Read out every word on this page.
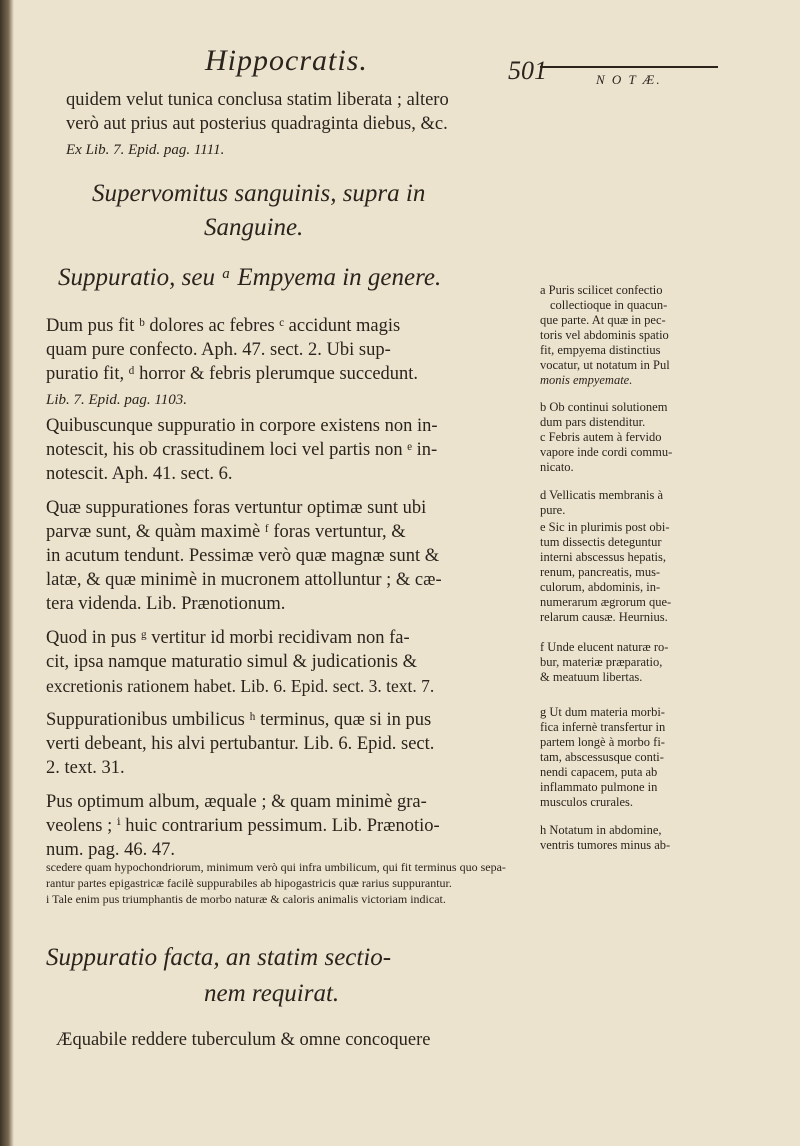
Hippocratis.	501	N O T Æ.
quidem velut tunica conclusa statim liberata ; altero
verò aut prius aut posterius quadraginta diebus, &c.
Ex Lib. 7. Epid. pag. 1111.
Supervomitus sanguinis, supra in
Sanguine.
Suppuratio, seu ᵃ Empyema in genere.
Dum pus fit ᵇ dolores ac febres ᶜ accidunt magis
quam pure confecto. Aph. 47. sect. 2. Ubi sup-
puratio fit, ᵈ horror & febris plerumque succedunt.
Lib. 7. Epid. pag. 1103.
Quibuscunque suppuratio in corpore existens non in-
notescit, his ob crassitudinem loci vel partis non ᵉ in-
notescit. Aph. 41. sect. 6.
Quæ suppurationes foras vertuntur optimæ sunt ubi
parvæ sunt, & quàm maximè ᶠ foras vertuntur, &
in acutum tendunt. Pessimæ verò quæ magnæ sunt &
latæ, & quæ minimè in mucronem attolluntur ; & cæ-
tera videnda. Lib. Prænotionum.
Quod in pus ᵍ vertitur id morbi recidivam non fa-
cit, ipsa namque maturatio simul & judicationis &
excretionis rationem habet. Lib. 6. Epid. sect. 3. text. 7.
Suppurationibus umbilicus ʰ terminus, quæ si in pus
verti debeant, his alvi pertubantur. Lib. 6. Epid. sect.
2. text. 31.
Pus optimum album, æquale ; & quam minimè gra-
veolens ; ⁱ huic contrarium pessimum. Lib. Prænotio-
num. pag. 46. 47.
a Puris scilicet confectio
collectioque in quacun-
que parte. At quæ in pec-
toris vel abdominis spatio
fit, empyema distinctius
vocatur, ut notatum in Pul
monis empyemate.
b Ob continui solutionem
dum pars distenditur.
c Febris autem à fervido
vapore inde cordi commu-
nicato.
d Vellicatis membranis à
pure.
e Sic in plurimis post obi-
tum dissectis deteguntur
interni abscessus hepatis,
renum, pancreatis, mus-
culorum, abdominis, in-
numerarum ægrorum que-
relarum causæ. Heurnius.
f Unde elucent naturæ ro-
bur, materiæ præparatio,
& meatuum libertas.
g Ut dum materia morbi-
fica infernè transfertur in
partem longè à morbo fi-
tam, abscessusque conti-
nendi capacem, puta ab
inflammato pulmone in
musculos crurales.
h Notatum in abdomine,
ventris tumores minus ab-
scedere quam hypochondriorum, minimum verò qui infra umbilicum, qui fit terminus quo sepa-
rantur partes epigastricæ facilè suppurabiles ab hipogastricis quæ rarius suppurantur.
i Tale enim pus triumphantis de morbo naturæ & caloris animalis victoriam indicat.
Suppuratio facta, an statim sectio-
nem requirat.
Æquabile reddere tuberculum & omne concoquere
